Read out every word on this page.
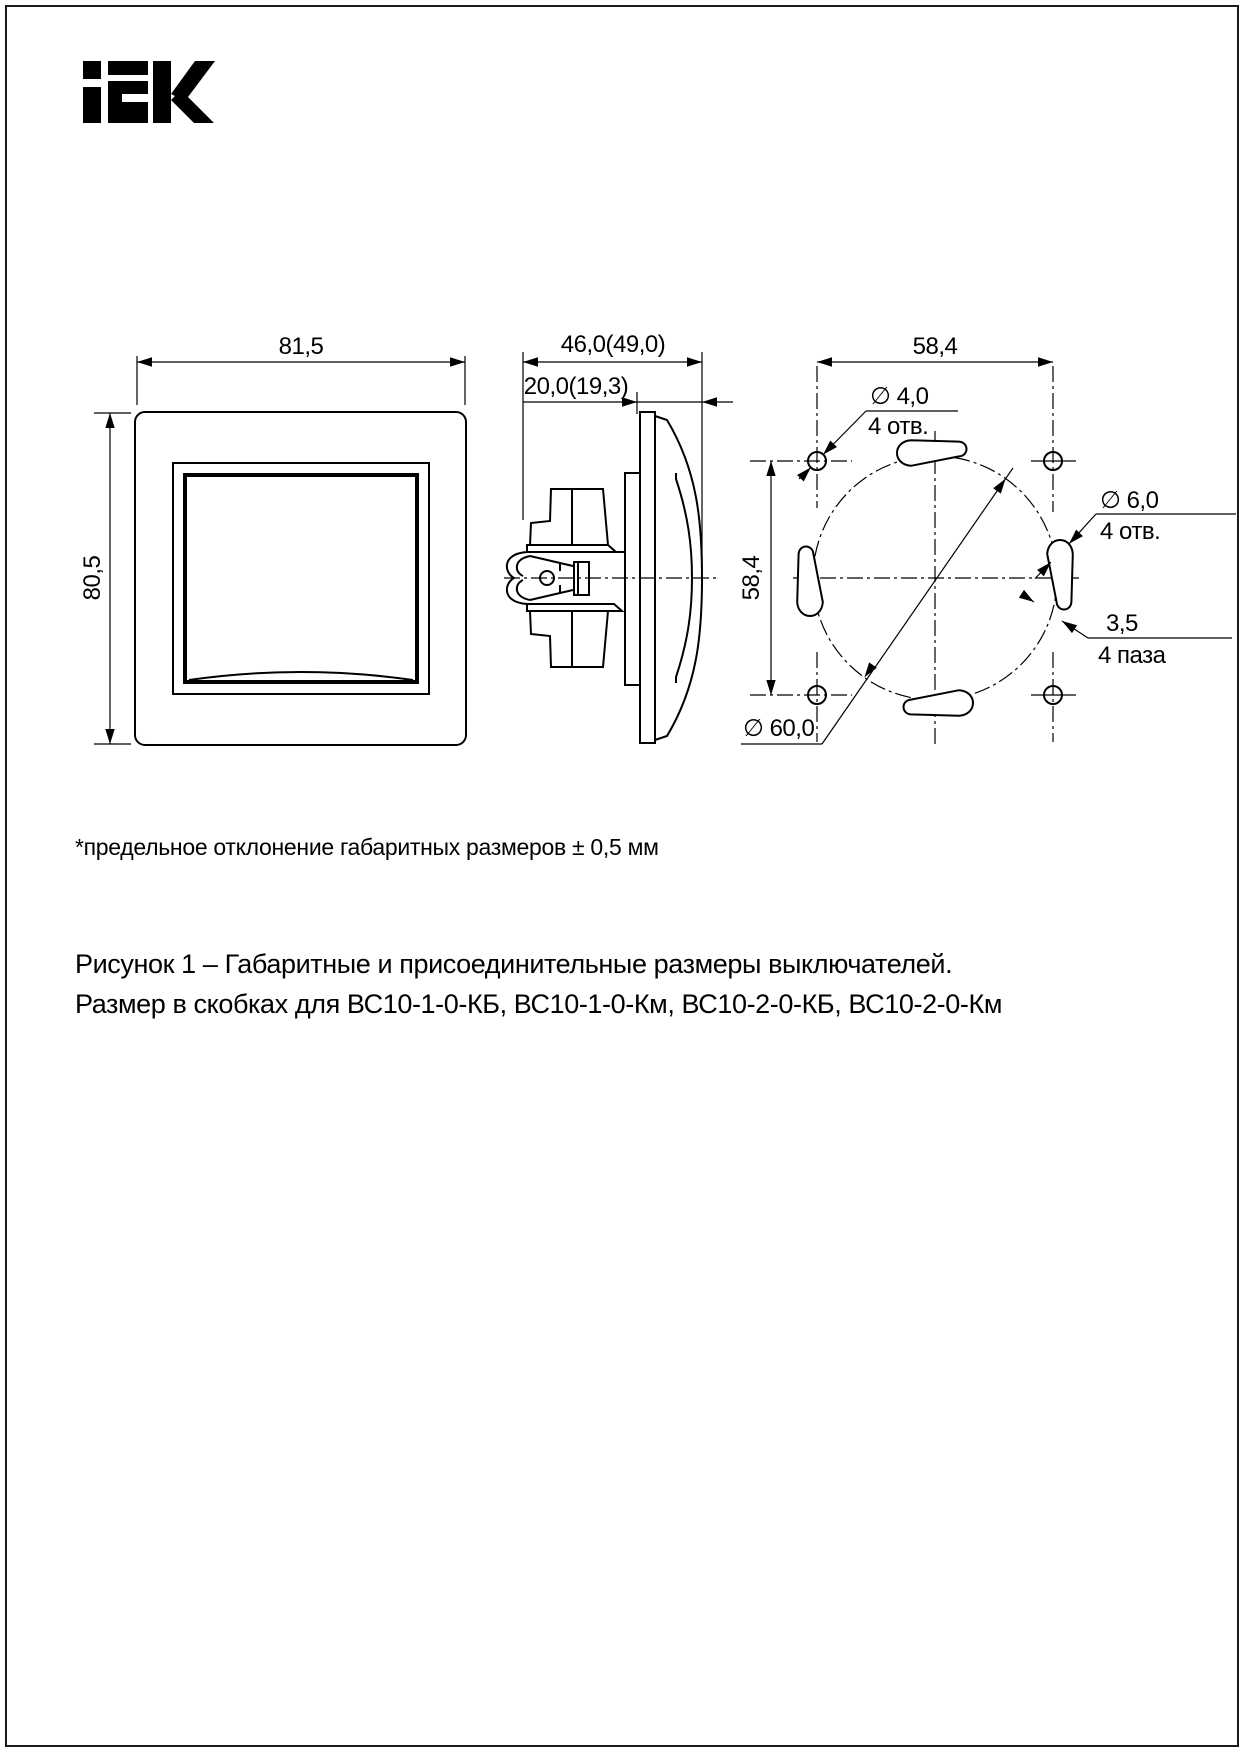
81,5
80,5
46,0(49,0)
20,0(19,3)
58,4
58,4
∅ 60,0
∅ 4,0
4 отв.
∅ 6,0
4 отв.
3,5
4 паза
*предельное отклонение габаритных размеров ± 0,5 мм
Рисунок 1 – Габаритные и присоединительные размеры выключателей.
Размер в скобках для ВС10-1-0-КБ, ВС10-1-0-Км, ВС10-2-0-КБ, ВС10-2-0-Км
